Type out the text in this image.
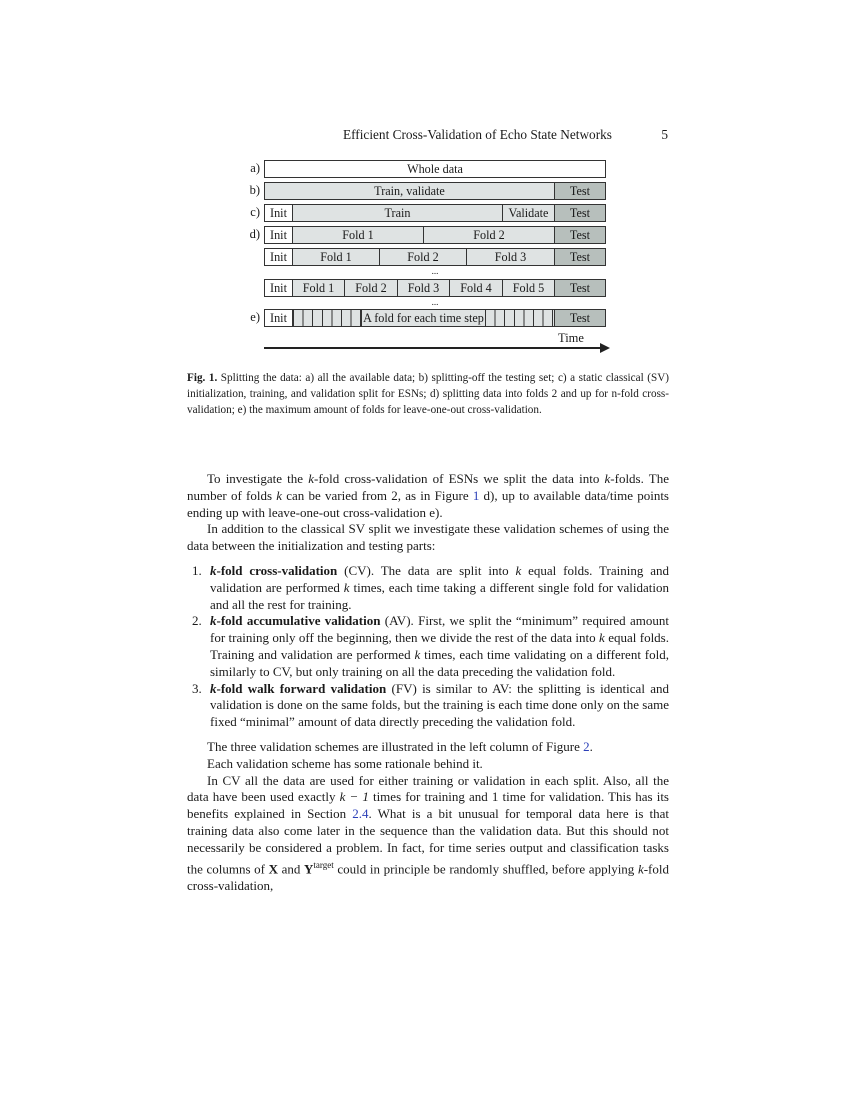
Efficient Cross-Validation of Echo State Networks	5
a)	Whole data
b)	Train, validate	Test
c) Init	Train	Validate	Test
d) Init	Fold 1	Fold 2	Test
Init	Fold 1	Fold 2	Fold 3	Test
...
Init	Fold 1	Fold 2	Fold 3	Fold 4	Fold 5	Test
...
e) Init	A fold for each time step	Test
Time
Fig. 1. Splitting the data: a) all the available data; b) splitting-off the testing set; c) a static classical (SV) initialization, training, and validation split for ESNs; d) splitting data into folds 2 and up for n-fold cross-validation; e) the maximum amount of folds for leave-one-out cross-validation.

To investigate the k-fold cross-validation of ESNs we split the data into k-folds. The number of folds k can be varied from 2, as in Figure 1 d), up to available data/time points ending up with leave-one-out cross-validation e).

In addition to the classical SV split we investigate these validation schemes of using the data between the initialization and testing parts:

1. k-fold cross-validation (CV). The data are split into k equal folds. Training and validation are performed k times, each time taking a different single fold for validation and all the rest for training.
2. k-fold accumulative validation (AV). First, we split the “minimum” required amount for training only off the beginning, then we divide the rest of the data into k equal folds. Training and validation are performed k times, each time validating on a different fold, similarly to CV, but only training on all the data preceding the validation fold.
3. k-fold walk forward validation (FV) is similar to AV: the splitting is identical and validation is done on the same folds, but the training is each time done only on the same fixed “minimal” amount of data directly preceding the validation fold.

The three validation schemes are illustrated in the left column of Figure 2.

Each validation scheme has some rationale behind it.

In CV all the data are used for either training or validation in each split. Also, all the data have been used exactly k − 1 times for training and 1 time for validation. This has its benefits explained in Section 2.4. What is a bit unusual for temporal data here is that training data also come later in the sequence than the validation data. But this should not necessarily be considered a problem. In fact, for time series output and classification tasks the columns of X and $Y^{target}$ could in principle be randomly shuffled, before applying k-fold cross-validation,
